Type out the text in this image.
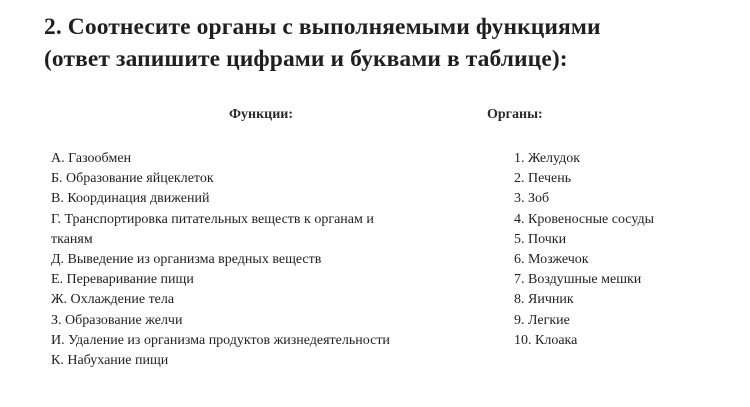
2. Соотнесите органы с выполняемыми функциями
(ответ запишите цифрами и буквами в таблице):
Функции:	Органы:
А. Газообмен
Б. Образование яйцеклеток
В. Координация движений
Г. Транспортировка питательных веществ к органам и
тканям
Д. Выведение из организма вредных веществ
Е. Переваривание пищи
Ж. Охлаждение тела
З. Образование желчи
И. Удаление из организма продуктов жизнедеятельности
К. Набухание пищи
1. Желудок
2. Печень
3. Зоб
4. Кровеносные сосуды
5. Почки
6. Мозжечок
7. Воздушные мешки
8. Яичник
9. Легкие
10. Клоака
